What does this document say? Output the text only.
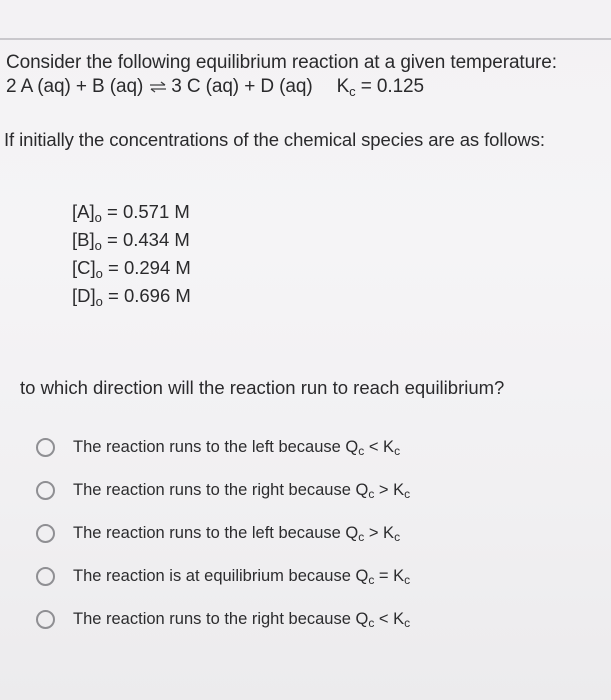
Consider the following equilibrium reaction at a given temperature:
2 A (aq) + B (aq) ⇌ 3 C (aq) + D (aq) $K_c = 0.125$
If initially the concentrations of the chemical species are as follows:
$[A]_o = 0.571$ M
$[B]_o = 0.434$ M
$[C]_o = 0.294$ M
$[D]_o = 0.696$ M
to which direction will the reaction run to reach equilibrium?
The reaction runs to the left because $Q_c < K_c$
The reaction runs to the right because $Q_c > K_c$
The reaction runs to the left because $Q_c > K_c$
The reaction is at equilibrium because $Q_c = K_c$
The reaction runs to the right because $Q_c < K_c$
